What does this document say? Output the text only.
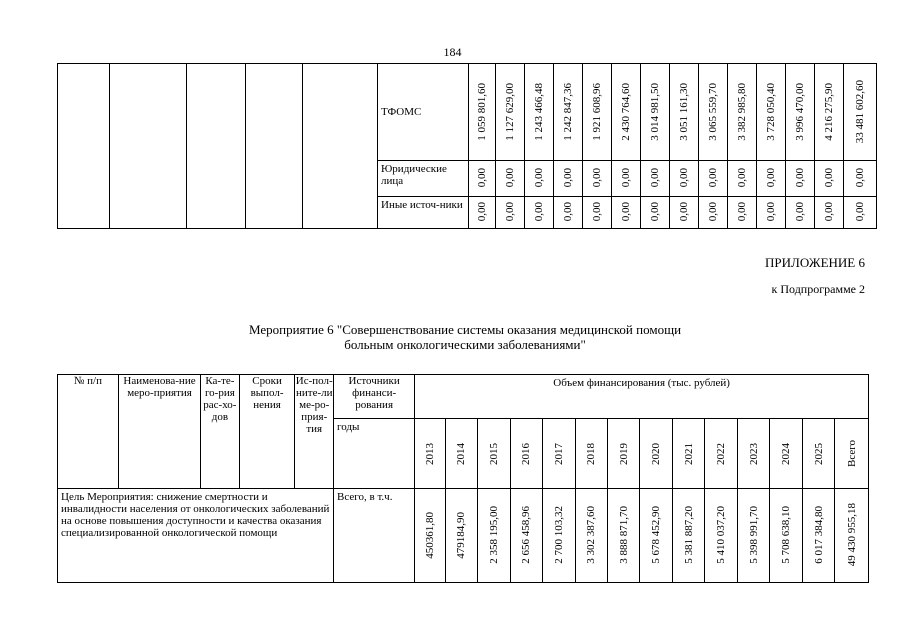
184
					ТФОМС	1 059 801,60	1 127 629,00	1 243 466,48	1 242 847,36	1 921 608,96	2 430 764,60	3 014 981,50	3 051 161,30	3 065 559,70	3 382 985,80	3 728 050,40	3 996 470,00	4 216 275,90	33 481 602,60

					Юридические лица	0,00	0,00	0,00	0,00	0,00	0,00	0,00	0,00	0,00	0,00	0,00	0,00	0,00	0,00

					Иные источ-ники	0,00	0,00	0,00	0,00	0,00	0,00	0,00	0,00	0,00	0,00	0,00	0,00	0,00	0,00
ПРИЛОЖЕНИЕ 6
к Подпрограмме 2
Мероприятие 6 "Совершенствование системы оказания медицинской помощи
больным онкологическими заболеваниями"
№ п/п	Наименова-ние меро-приятия	Ка-те-го-рия рас-хо-дов	Сроки выпол-нения	Ис-пол-ните-ли ме-ро-прия-тия	Источники финанси-рования	Объем финансирования (тыс. рублей)													
					годы	2013	2014	2015	2016	2017	2018	2019	2020	2021	2022	2023	2024	2025	Всего

Цель Мероприятия: снижение смертности и инвалидности населения от онкологических заболеваний на основе повышения доступности и качества оказания специализированной онкологической помощи					Всего, в т.ч.	450361,80	479184,90	2 358 195,00	2 656 458,96	2 700 103,32	3 302 387,60	3 888 871,70	5 678 452,90	5 381 887,20	5 410 037,20	5 398 991,70	5 708 638,10	6 017 384,80	49 430 955,18
